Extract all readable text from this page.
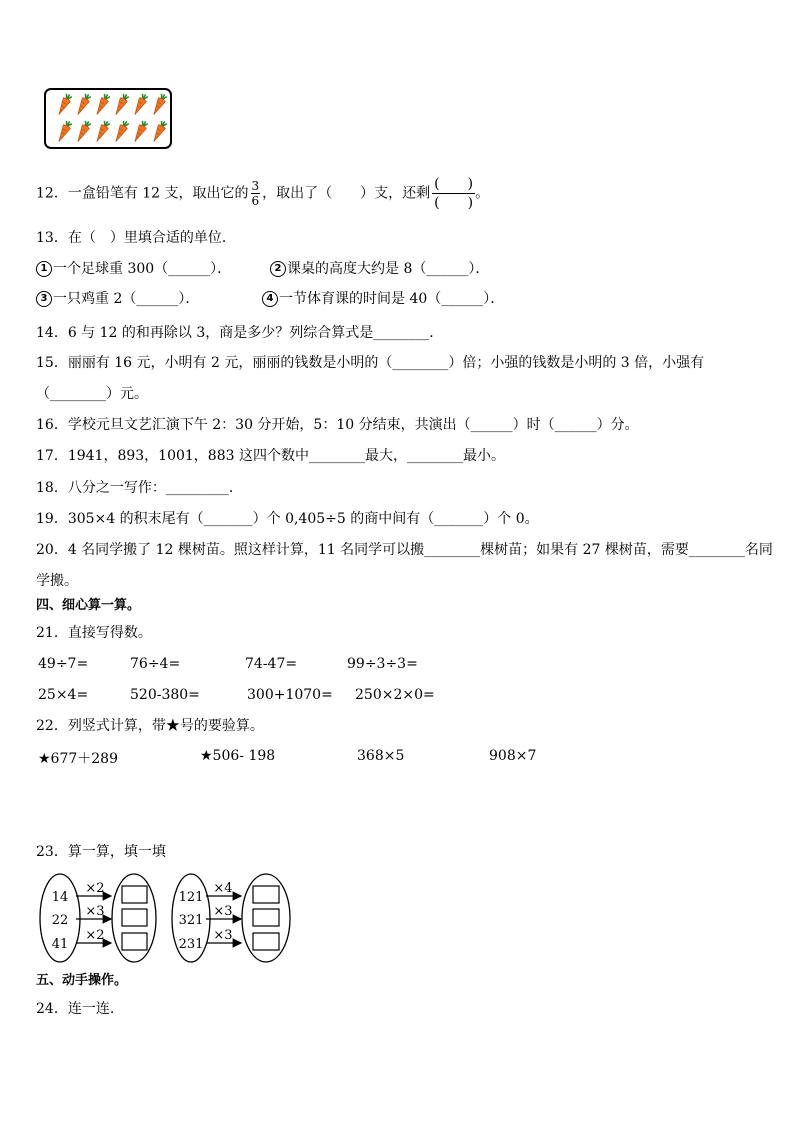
12．一盒铅笔有 12 支，取出它的 $\frac{3}{6}$ ，取出了（　　）支，还剩
(　　)
(　　)
。
13．在（　）里填合适的单位．
1 一个足球重 300（______）．	2 课桌的高度大约是 8（______）．
3 一只鸡重 2（______）．	4 一节体育课的时间是 40（______）．
14．6 与 12 的和再除以 3，商是多少？列综合算式是________．
15．丽丽有 16 元，小明有 2 元，丽丽的钱数是小明的（________）倍；小强的钱数是小明的 3 倍，小强有
（________）元。
16．学校元旦文艺汇演下午 2：30 分开始，5：10 分结束，共演出（______）时（______）分。
17．1941，893，1001，883 这四个数中________最大，________最小。
18．八分之一写作：_________．
19．305×4 的积末尾有（_______）个 0,405÷5 的商中间有（_______）个 0。
20．4 名同学搬了 12 棵树苗。照这样计算，11 名同学可以搬________棵树苗；如果有 27 棵树苗，需要________名同
学搬。
四、细心算一算。
21．直接写得数。
49÷7=	76÷4=	74-47=	99÷3÷3=
25×4=	520-380=	300+1070= 250×2×0=
22．列竖式计算，带★号的要验算。
★677＋289	★506- 198	368×5	908×7
23．算一算，填一填
14
22
41
×2
×3
×2
121
321
231
×4
×3
×3
五、动手操作。
24．连一连.
